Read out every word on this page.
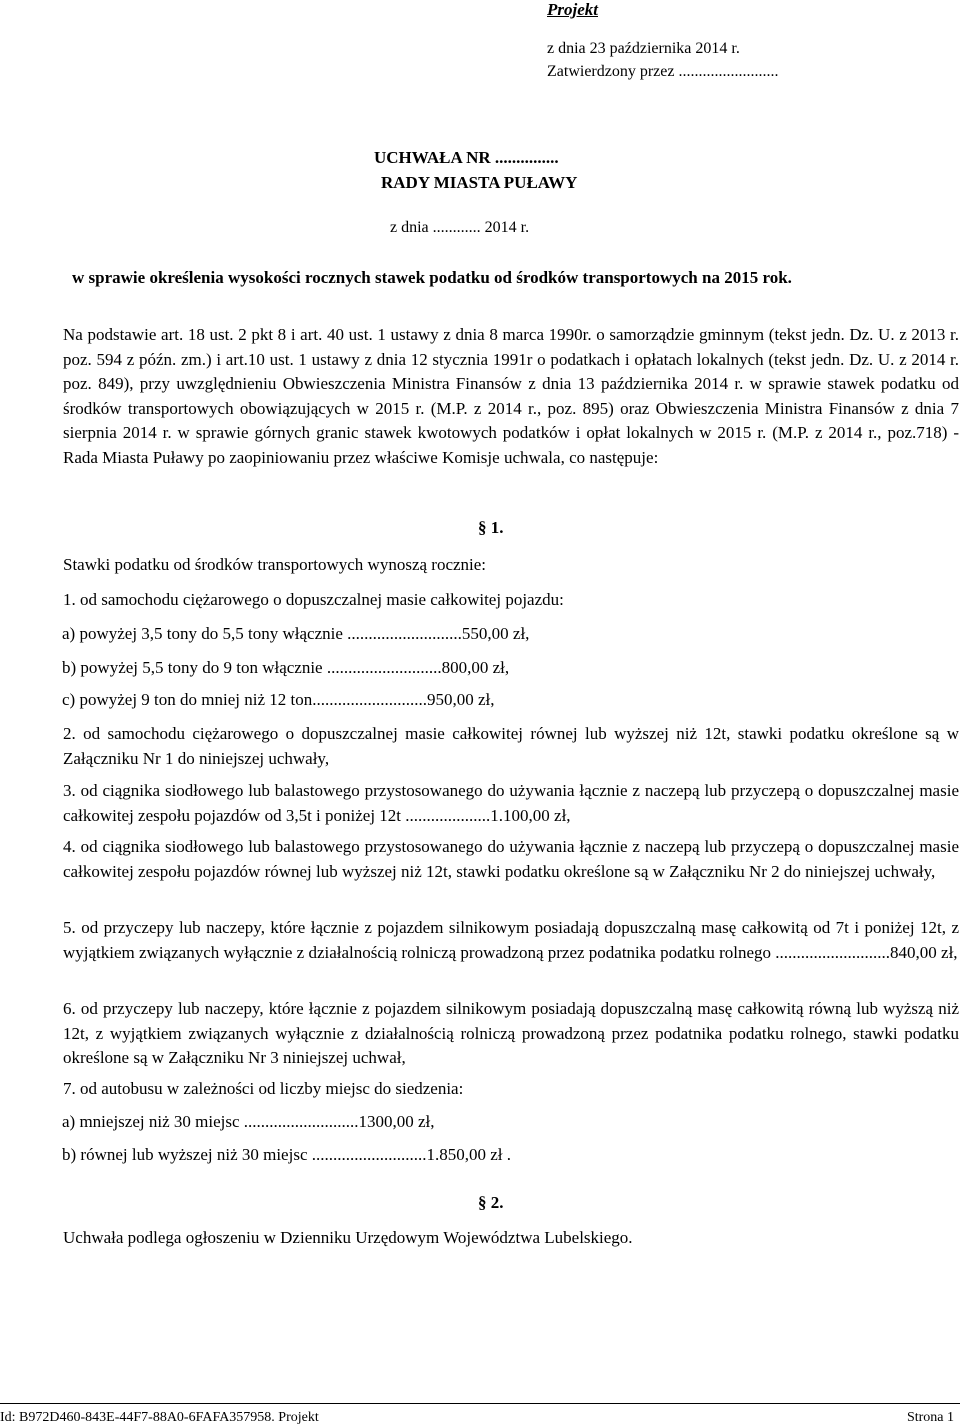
Projekt
z dnia 23 października 2014 r.
Zatwierdzony przez .........................
UCHWAŁA NR ...............
RADY MIASTA PUŁAWY
z dnia ............ 2014 r.
w sprawie określenia wysokości rocznych stawek podatku od środków transportowych na 2015 rok.
Na podstawie art. 18 ust. 2 pkt 8 i art. 40 ust. 1 ustawy z dnia 8 marca 1990r. o samorządzie gminnym (tekst jedn. Dz. U. z 2013 r. poz. 594 z późn. zm.) i art.10 ust. 1 ustawy z dnia 12 stycznia 1991r o podatkach i opłatach lokalnych (tekst jedn. Dz. U. z 2014 r. poz. 849), przy uwzględnieniu Obwieszczenia Ministra Finansów z dnia 13 października 2014 r. w sprawie stawek podatku od środków transportowych obowiązujących w 2015 r. (M.P. z 2014 r., poz. 895) oraz Obwieszczenia Ministra Finansów z dnia 7 sierpnia 2014 r. w sprawie górnych granic stawek kwotowych podatków i opłat lokalnych w 2015 r. (M.P. z 2014 r., poz.718) - Rada Miasta Puławy po zaopiniowaniu przez właściwe Komisje uchwala, co następuje:
§ 1.
Stawki podatku od środków transportowych wynoszą rocznie:
1. od samochodu ciężarowego o dopuszczalnej masie całkowitej pojazdu:
a) powyżej 3,5 tony do 5,5 tony włącznie ...........................550,00 zł,
b) powyżej 5,5 tony do 9 ton włącznie ...........................800,00 zł,
c) powyżej 9 ton do mniej niż 12 ton...........................950,00 zł,
2. od samochodu ciężarowego o dopuszczalnej masie całkowitej równej lub wyższej niż 12t, stawki podatku określone są w Załączniku Nr 1 do niniejszej uchwały,
3. od ciągnika siodłowego lub balastowego przystosowanego do używania łącznie z naczepą lub przyczepą o dopuszczalnej masie całkowitej zespołu pojazdów od 3,5t i poniżej 12t ....................1.100,00 zł,
4. od ciągnika siodłowego lub balastowego przystosowanego do używania łącznie z naczepą lub przyczepą o dopuszczalnej masie całkowitej zespołu pojazdów równej lub wyższej niż 12t, stawki podatku określone są w Załączniku Nr 2 do niniejszej uchwały,
5. od przyczepy lub naczepy, które łącznie z pojazdem silnikowym posiadają dopuszczalną masę całkowitą od 7t i poniżej 12t, z wyjątkiem związanych wyłącznie z działalnością rolniczą prowadzoną przez podatnika podatku rolnego ...........................840,00 zł,
6. od przyczepy lub naczepy, które łącznie z pojazdem silnikowym posiadają dopuszczalną masę całkowitą równą lub wyższą niż 12t, z wyjątkiem związanych wyłącznie z działalnością rolniczą prowadzoną przez podatnika podatku rolnego, stawki podatku określone są w Załączniku Nr 3 niniejszej uchwał,
7. od autobusu w zależności od liczby miejsc do siedzenia:
a) mniejszej niż 30 miejsc ...........................1300,00 zł,
b) równej lub wyższej niż 30 miejsc ...........................1.850,00 zł .
§ 2.
Uchwała podlega ogłoszeniu w Dzienniku Urzędowym Województwa Lubelskiego.
Id: B972D460-843E-44F7-88A0-6FAFA357958. Projekt	Strona 1
